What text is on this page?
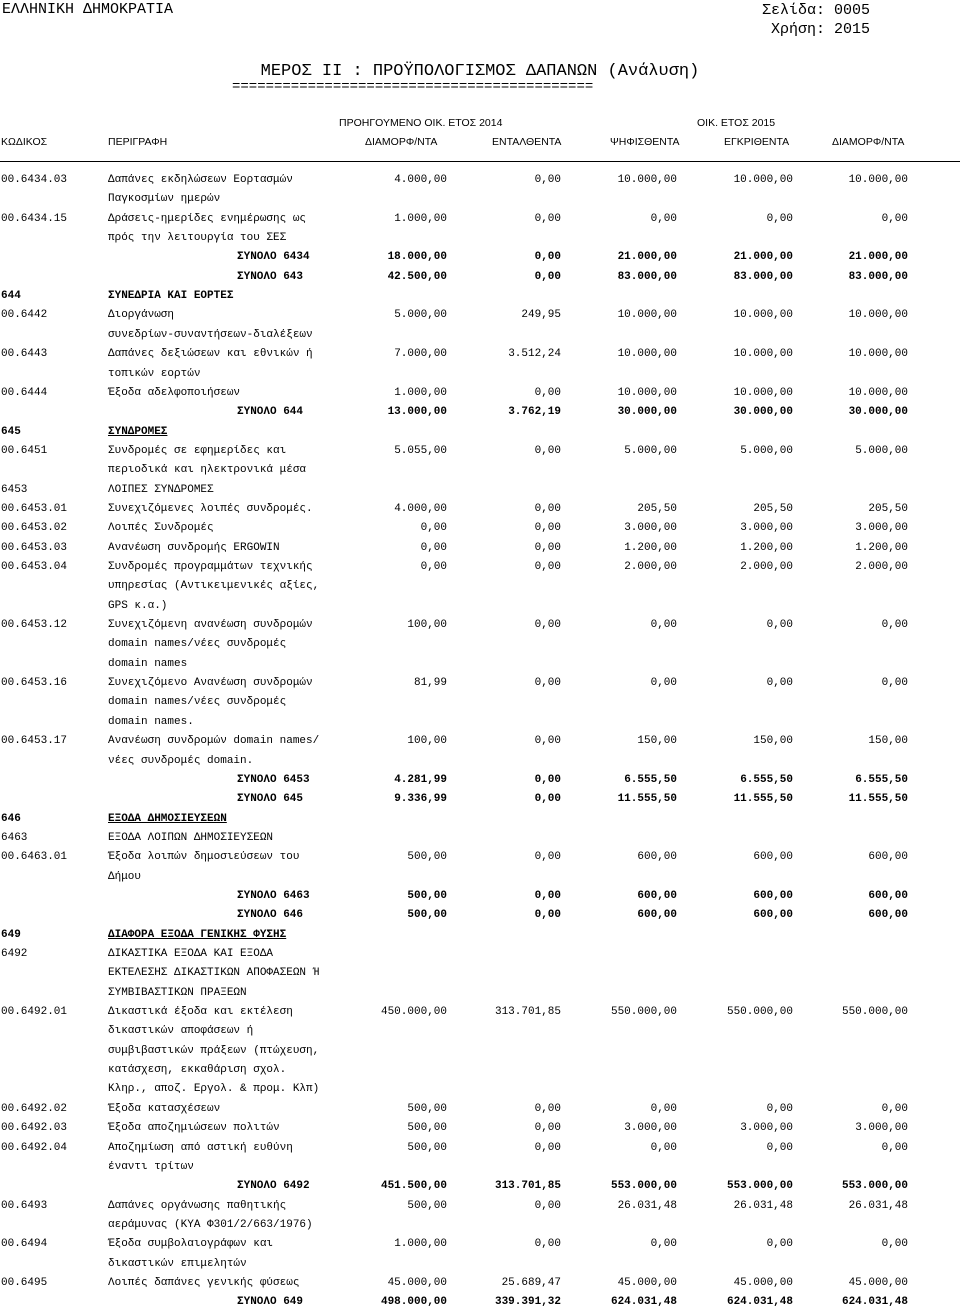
ΕΛΛΗΝΙΚΗ ΔΗΜΟΚΡΑΤΙΑ	Σελίδα: 0005
Χρήση: 2015
ΜΕΡΟΣ ΙΙ : ΠΡΟΫΠΟΛΟΓΙΣΜΟΣ ΔΑΠΑΝΩΝ (Ανάλυση)
===========================================
ΠΡΟΗΓΟΥΜΕΝΟ ΟΙΚ. ΕΤΟΣ 2014	ΟΙΚ. ΕΤΟΣ 2015
ΚΩΔΙΚΟΣ	ΠΕΡΙΓΡΑΦΗ	ΔΙΑΜΟΡΦ/ΝΤΑ	ΕΝΤΑΛΘΕΝΤΑ	ΨΗΦΙΣΘΕΝΤΑ	ΕΓΚΡΙΘΕΝΤΑ	ΔΙΑΜΟΡΦ/ΝΤΑ
00.6434.03	Δαπάνες εκδηλώσεων Εορτασμών	4.000,00	0,00	10.000,00	10.000,00	10.000,00
Παγκοσμίων ημερών
00.6434.15	Δράσεις-ημερίδες ενημέρωσης ως	1.000,00	0,00	0,00	0,00	0,00
πρός την λειτουργία του ΣΕΣ
ΣΥΝΟΛΟ 6434	18.000,00	0,00	21.000,00	21.000,00	21.000,00
ΣΥΝΟΛΟ 643	42.500,00	0,00	83.000,00	83.000,00	83.000,00
644	ΣΥΝΕΔΡΙΑ ΚΑΙ ΕΟΡΤΕΣ
00.6442	Διοργάνωση	5.000,00	249,95	10.000,00	10.000,00	10.000,00
συνεδρίων-συναντήσεων-διαλέξεων
00.6443	Δαπάνες δεξιώσεων και εθνικών ή	7.000,00	3.512,24	10.000,00	10.000,00	10.000,00
τοπικών εορτών
00.6444	Έξοδα αδελφοποιήσεων	1.000,00	0,00	10.000,00	10.000,00	10.000,00
ΣΥΝΟΛΟ 644	13.000,00	3.762,19	30.000,00	30.000,00	30.000,00
645	ΣΥΝΔΡΟΜΕΣ
00.6451	Συνδρομές σε εφημερίδες και	5.055,00	0,00	5.000,00	5.000,00	5.000,00
περιοδικά και ηλεκτρονικά μέσα
6453	ΛΟΙΠΕΣ ΣΥΝΔΡΟΜΕΣ
00.6453.01	Συνεχιζόμενες λοιπές συνδρομές.	4.000,00	0,00	205,50	205,50	205,50
00.6453.02	Λοιπές Συνδρομές	0,00	0,00	3.000,00	3.000,00	3.000,00
00.6453.03	Ανανέωση συνδρομής ERGOWIN	0,00	0,00	1.200,00	1.200,00	1.200,00
00.6453.04	Συνδρομές προγραμμάτων τεχνικής	0,00	0,00	2.000,00	2.000,00	2.000,00
υπηρεσίας (Αντικειμενικές αξίες,
GPS κ.α.)
00.6453.12	Συνεχιζόμενη ανανέωση συνδρομών	100,00	0,00	0,00	0,00	0,00
domain names/νέες συνδρομές
domain names
00.6453.16	Συνεχιζόμενο Ανανέωση συνδρομών	81,99	0,00	0,00	0,00	0,00
domain names/νέες συνδρομές
domain names.
00.6453.17	Ανανέωση συνδρομών domain names/	100,00	0,00	150,00	150,00	150,00
νέες συνδρομές domain.
ΣΥΝΟΛΟ 6453	4.281,99	0,00	6.555,50	6.555,50	6.555,50
ΣΥΝΟΛΟ 645	9.336,99	0,00	11.555,50	11.555,50	11.555,50
646	ΕΞΟΔΑ ΔΗΜΟΣΙΕΥΣΕΩΝ
6463	ΕΞΟΔΑ ΛΟΙΠΩΝ ΔΗΜΟΣΙΕΥΣΕΩΝ
00.6463.01	Έξοδα λοιπών δημοσιεύσεων του	500,00	0,00	600,00	600,00	600,00
Δήμου
ΣΥΝΟΛΟ 6463	500,00	0,00	600,00	600,00	600,00
ΣΥΝΟΛΟ 646	500,00	0,00	600,00	600,00	600,00
649	ΔΙΑΦΟΡΑ ΕΞΟΔΑ ΓΕΝΙΚΗΣ ΦΥΣΗΣ
6492	ΔΙΚΑΣΤΙΚΑ ΕΞΟΔΑ ΚΑΙ ΕΞΟΔΑ
ΕΚΤΕΛΕΣΗΣ ΔΙΚΑΣΤΙΚΩΝ ΑΠΟΦΑΣΕΩΝ Ή
ΣΥΜΒΙΒΑΣΤΙΚΩΝ ΠΡΑΞΕΩΝ
00.6492.01	Δικαστικά έξοδα και εκτέλεση	450.000,00	313.701,85	550.000,00	550.000,00	550.000,00
δικαστικών αποφάσεων ή
συμβιβαστικών πράξεων (πτώχευση,
κατάσχεση, εκκαθάριση σχολ.
Κληρ., αποζ. Εργολ. & προμ. Κλπ)
00.6492.02	Έξοδα κατασχέσεων	500,00	0,00	0,00	0,00	0,00
00.6492.03	Έξοδα αποζημιώσεων πολιτών	500,00	0,00	3.000,00	3.000,00	3.000,00
00.6492.04	Αποζημίωση από αστική ευθύνη	500,00	0,00	0,00	0,00	0,00
έναντι τρίτων
ΣΥΝΟΛΟ 6492	451.500,00	313.701,85	553.000,00	553.000,00	553.000,00
00.6493	Δαπάνες οργάνωσης παθητικής	500,00	0,00	26.031,48	26.031,48	26.031,48
αεράμυνας (ΚΥΑ Φ301/2/663/1976)
00.6494	Έξοδα συμβολαιογράφων και	1.000,00	0,00	0,00	0,00	0,00
δικαστικών επιμελητών
00.6495	Λοιπές δαπάνες γενικής φύσεως	45.000,00	25.689,47	45.000,00	45.000,00	45.000,00
ΣΥΝΟΛΟ 649	498.000,00	339.391,32	624.031,48	624.031,48	624.031,48
